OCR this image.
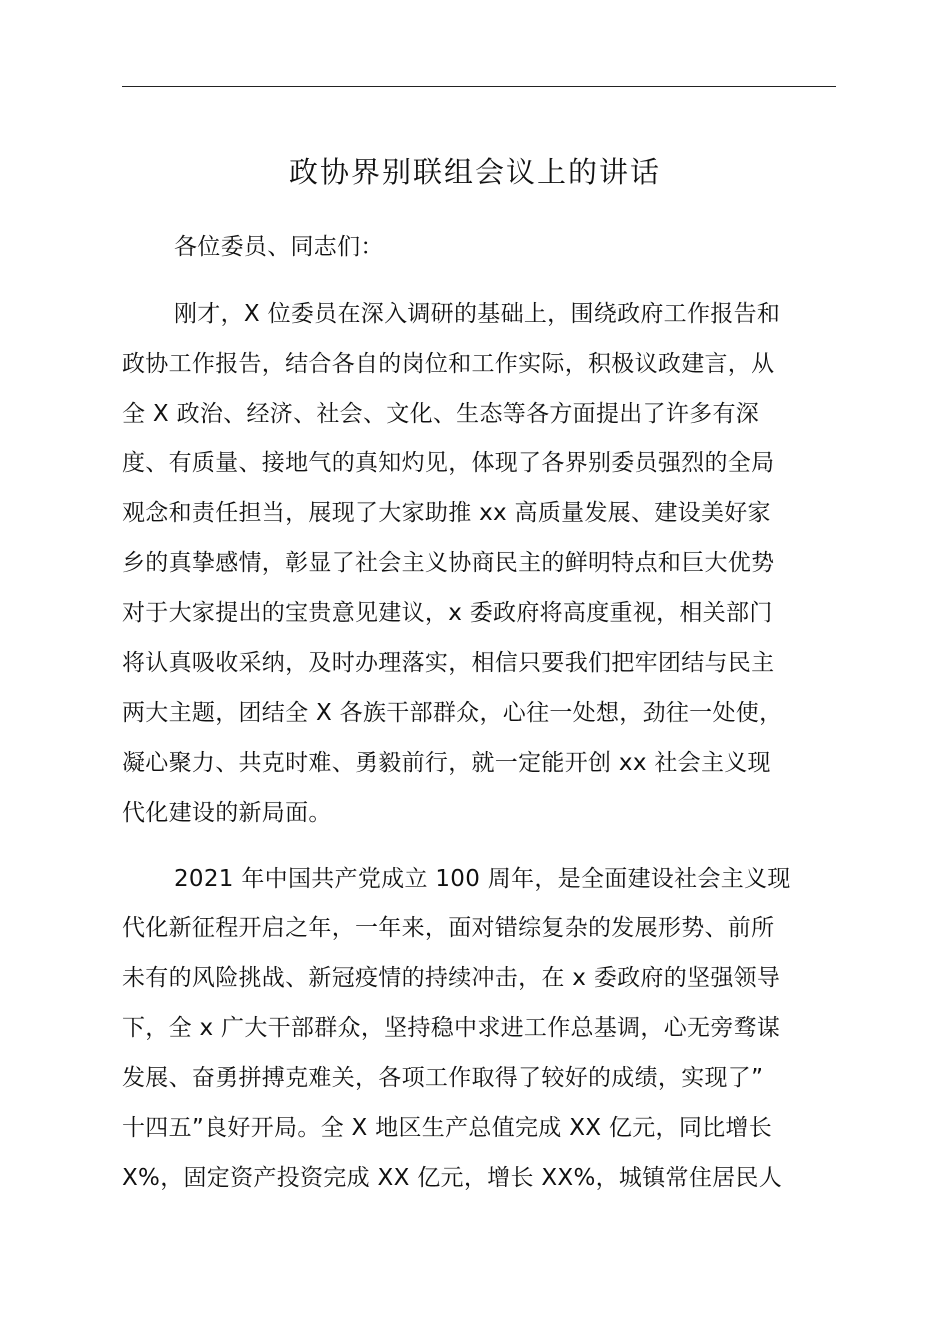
政协界别联组会议上的讲话
各位委员、同志们：
刚才，X 位委员在深入调研的基础上，围绕政府工作报告和
政协工作报告，结合各自的岗位和工作实际，积极议政建言，从
全 X 政治、经济、社会、文化、生态等各方面提出了许多有深
度、有质量、接地气的真知灼见，体现了各界别委员强烈的全局
观念和责任担当，展现了大家助推 xx 高质量发展、建设美好家
乡的真挚感情，彰显了社会主义协商民主的鲜明特点和巨大优势
对于大家提出的宝贵意见建议，x 委政府将高度重视，相关部门
将认真吸收采纳，及时办理落实，相信只要我们把牢团结与民主
两大主题，团结全 X 各族干部群众，心往一处想，劲往一处使，
凝心聚力、共克时难、勇毅前行，就一定能开创 xx 社会主义现
代化建设的新局面。
2021 年中国共产党成立 100 周年，是全面建设社会主义现
代化新征程开启之年，一年来，面对错综复杂的发展形势、前所
未有的风险挑战、新冠疫情的持续冲击，在 x 委政府的坚强领导
下，全 x 广大干部群众，坚持稳中求进工作总基调，心无旁骛谋
发展、奋勇拼搏克难关，各项工作取得了较好的成绩，实现了”
十四五”良好开局。全 X 地区生产总值完成 XX 亿元，同比增长
X%，固定资产投资完成 XX 亿元，增长 XX%，城镇常住居民人
